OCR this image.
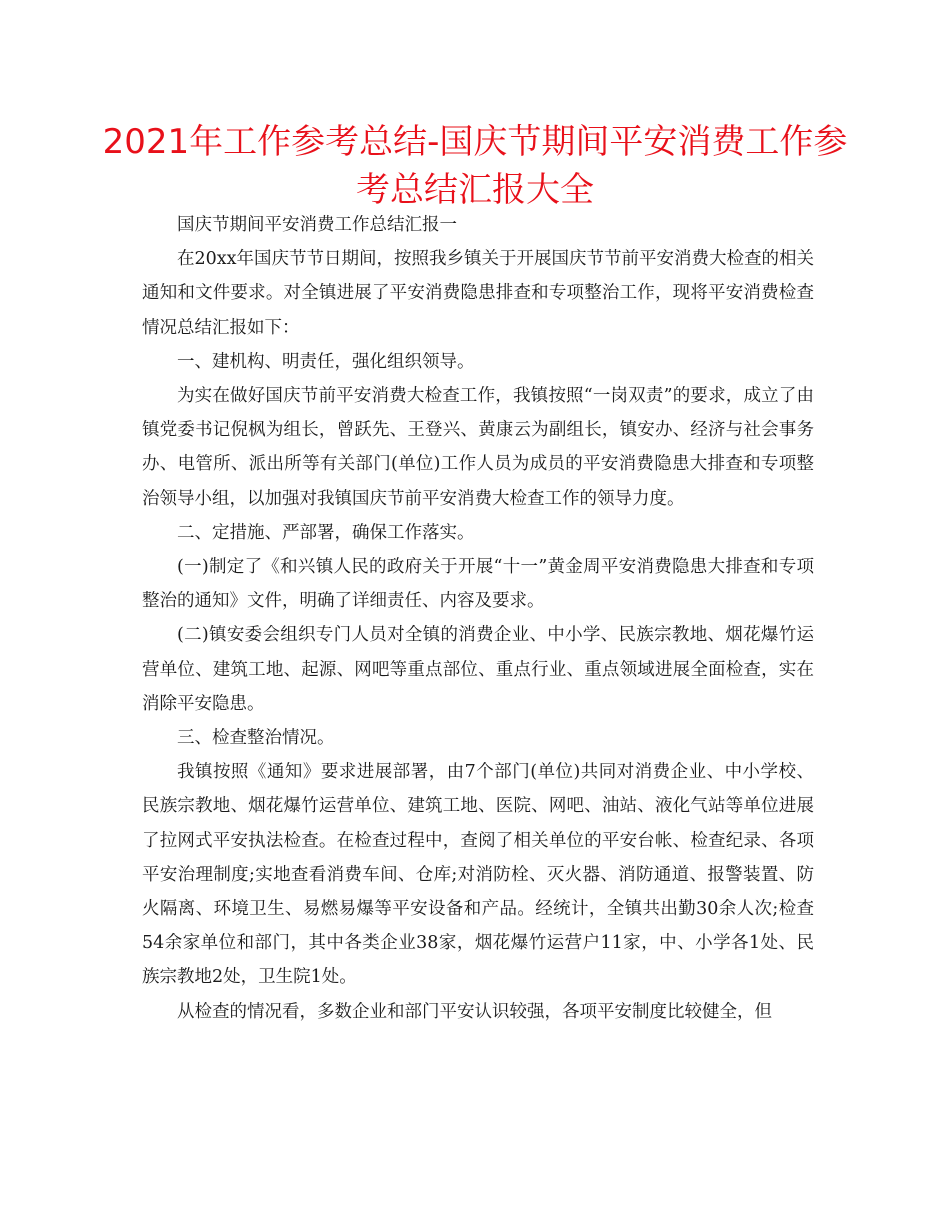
2021年工作参考总结-国庆节期间平安消费工作参考总结汇报大全

国庆节期间平安消费工作总结汇报一

在20xx年国庆节节日期间，按照我乡镇关于开展国庆节节前平安消费大检查的相关通知和文件要求。对全镇进展了平安消费隐患排查和专项整治工作，现将平安消费检查情况总结汇报如下：

一、建机构、明责任，强化组织领导。

为实在做好国庆节前平安消费大检查工作，我镇按照“一岗双责”的要求，成立了由镇党委书记倪枫为组长，曾跃先、王登兴、黄康云为副组长，镇安办、经济与社会事务办、电管所、派出所等有关部门(单位)工作人员为成员的平安消费隐患大排查和专项整治领导小组，以加强对我镇国庆节前平安消费大检查工作的领导力度。

二、定措施、严部署，确保工作落实。

(一)制定了《和兴镇人民的政府关于开展“十一”黄金周平安消费隐患大排查和专项整治的通知》文件，明确了详细责任、内容及要求。

(二)镇安委会组织专门人员对全镇的消费企业、中小学、民族宗教地、烟花爆竹运营单位、建筑工地、起源、网吧等重点部位、重点行业、重点领域进展全面检查，实在消除平安隐患。

三、检查整治情况。

我镇按照《通知》要求进展部署，由7个部门(单位)共同对消费企业、中小学校、民族宗教地、烟花爆竹运营单位、建筑工地、医院、网吧、油站、液化气站等单位进展了拉网式平安执法检查。在检查过程中，查阅了相关单位的平安台帐、检查纪录、各项平安治理制度;实地查看消费车间、仓库;对消防栓、灭火器、消防通道、报警装置、防火隔离、环境卫生、易燃易爆等平安设备和产品。经统计，全镇共出勤30余人次;检查54余家单位和部门，其中各类企业38家，烟花爆竹运营户11家，中、小学各1处、民族宗教地2处，卫生院1处。

从检查的情况看，多数企业和部门平安认识较强，各项平安制度比较健全，但
